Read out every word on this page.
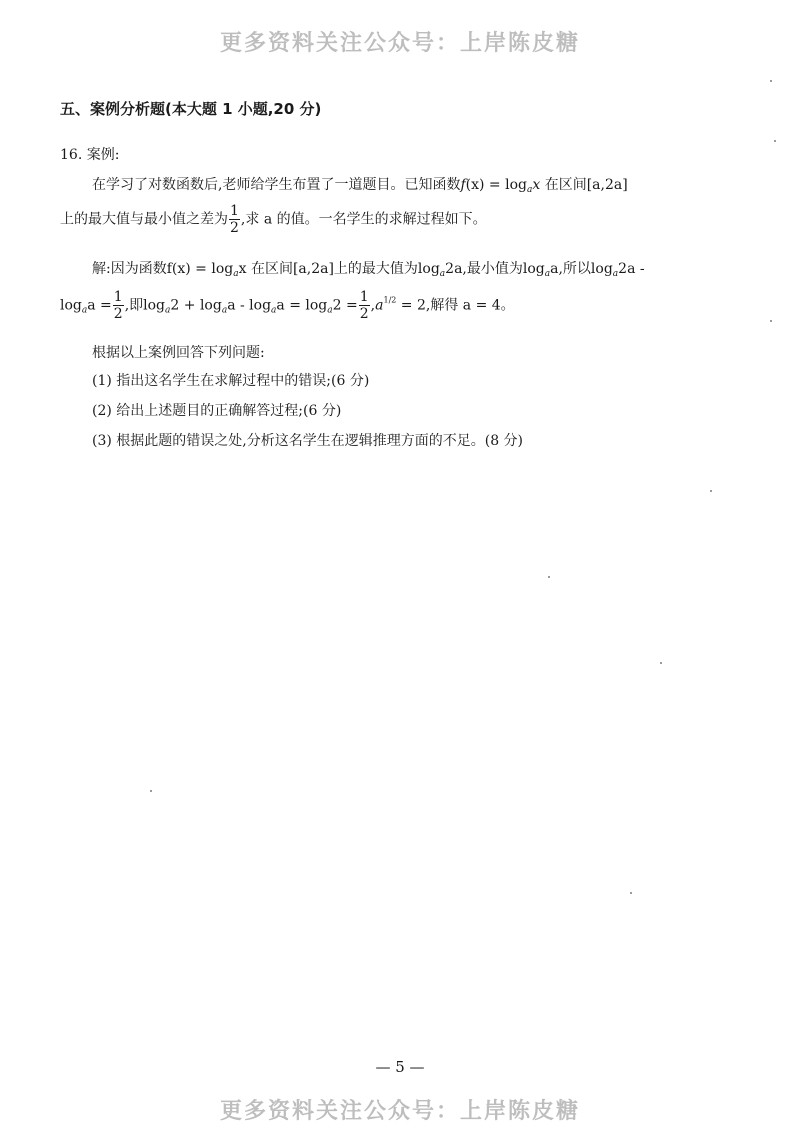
更多资料关注公众号：上岸陈皮糖
五、案例分析题(本大题 1 小题,20 分)
16. 案例:
在学习了对数函数后,老师给学生布置了一道题目。已知函数$f(x) = \log_ax$ 在区间[a,2a]
上的最大值与最小值之差为 $\frac{1}{2}$ ,求 a 的值。一名学生的求解过程如下。
解:因为函数$f(x) = \log_ax$ 在区间[a,2a]上的最大值为$\log_a2a$,最小值为$\log_aa$,所以$\log_a2a$ -
$\log_aa = \frac{1}{2}$ ,即$\log_a2 + \log_aa - \log_aa = \log_a2 = \frac{1}{2} ,a^{1/2} = 2$,解得 a = 4。
根据以上案例回答下列问题:
(1) 指出这名学生在求解过程中的错误;(6 分)
(2) 给出上述题目的正确解答过程;(6 分)
(3) 根据此题的错误之处,分析这名学生在逻辑推理方面的不足。(8 分)
— 5 —
更多资料关注公众号：上岸陈皮糖
